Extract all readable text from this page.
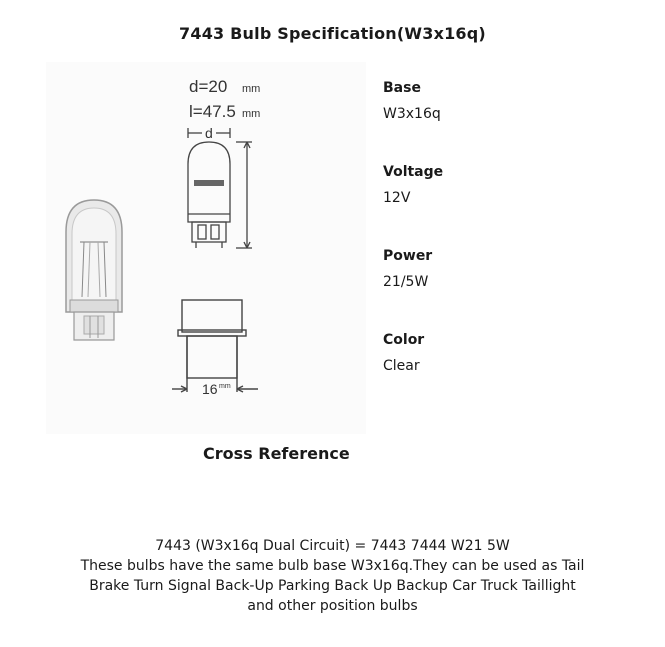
7443 Bulb Specification(W3x16q)
d=20 mm
l=47.5 mm
d
16 mm
Base
W3x16q
Voltage
12V
Power
21/5W
Color
Clear
Cross Reference
7443 (W3x16q Dual Circuit) = 7443 7444 W21 5W
These bulbs have the same bulb base W3x16q.They can be used as Tail
Brake Turn Signal Back-Up Parking Back Up Backup Car Truck Taillight
and other position bulbs
